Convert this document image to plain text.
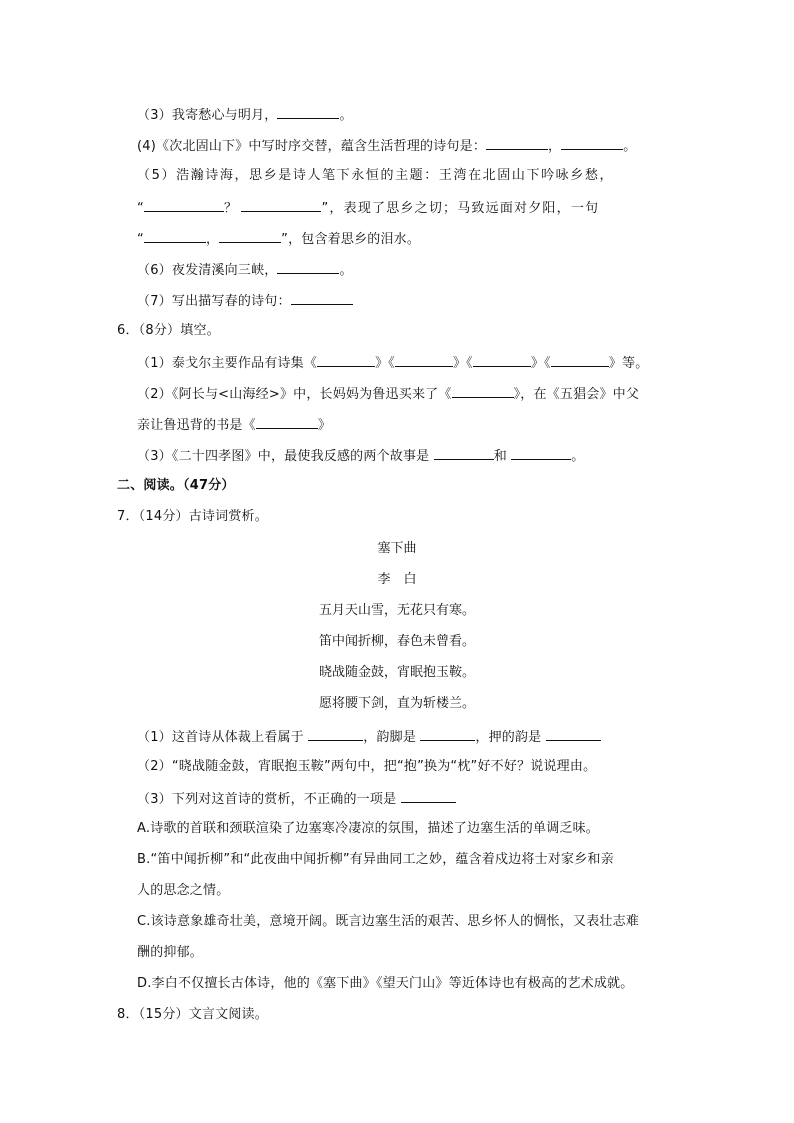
（3）我寄愁心与明月，	。
(4)《次北固山下》中写时序交替，蕴含生活哲理的诗句是：	，	。
（5）浩瀚诗海，思乡是诗人笔下永恒的主题：王湾在北固山下吟咏乡愁，
“	？	”，表现了思乡之切；马致远面对夕阳，一句
“	，	”，包含着思乡的泪水。
（6）夜发清溪向三峡，	。
（7）写出描写春的诗句：
6．（8分）填空。
（1）泰戈尔主要作品有诗集《	》《	》《	》《	》等。
（2）《阿长与<山海经>》中，长妈妈为鲁迅买来了《	》，在《五猖会》中父
亲让鲁迅背的书是《	》
（3）《二十四孝图》中，最使我反感的两个故事是	和	。
二、阅读。（47分）
7．（14分）古诗词赏析。
塞下曲
李　白
五月天山雪，无花只有寒。
笛中闻折柳，春色未曾看。
晓战随金鼓，宵眠抱玉鞍。
愿将腰下剑，直为斩楼兰。
（1）这首诗从体裁上看属于	，韵脚是	，押的韵是
（2）“晓战随金鼓，宵眠抱玉鞍”两句中，把“抱”换为“枕”好不好？说说理由。
（3）下列对这首诗的赏析，不正确的一项是
A.诗歌的首联和颈联渲染了边塞寒冷凄凉的氛围，描述了边塞生活的单调乏味。
B.“笛中闻折柳”和“此夜曲中闻折柳”有异曲同工之妙，蕴含着戍边将士对家乡和亲
人的思念之情。
C.该诗意象雄奇壮美，意境开阔。既言边塞生活的艰苦、思乡怀人的惆怅，又表壮志难
酬的抑郁。
D.李白不仅擅长古体诗，他的《塞下曲》《望天门山》等近体诗也有极高的艺术成就。
8．（15分）文言文阅读。
